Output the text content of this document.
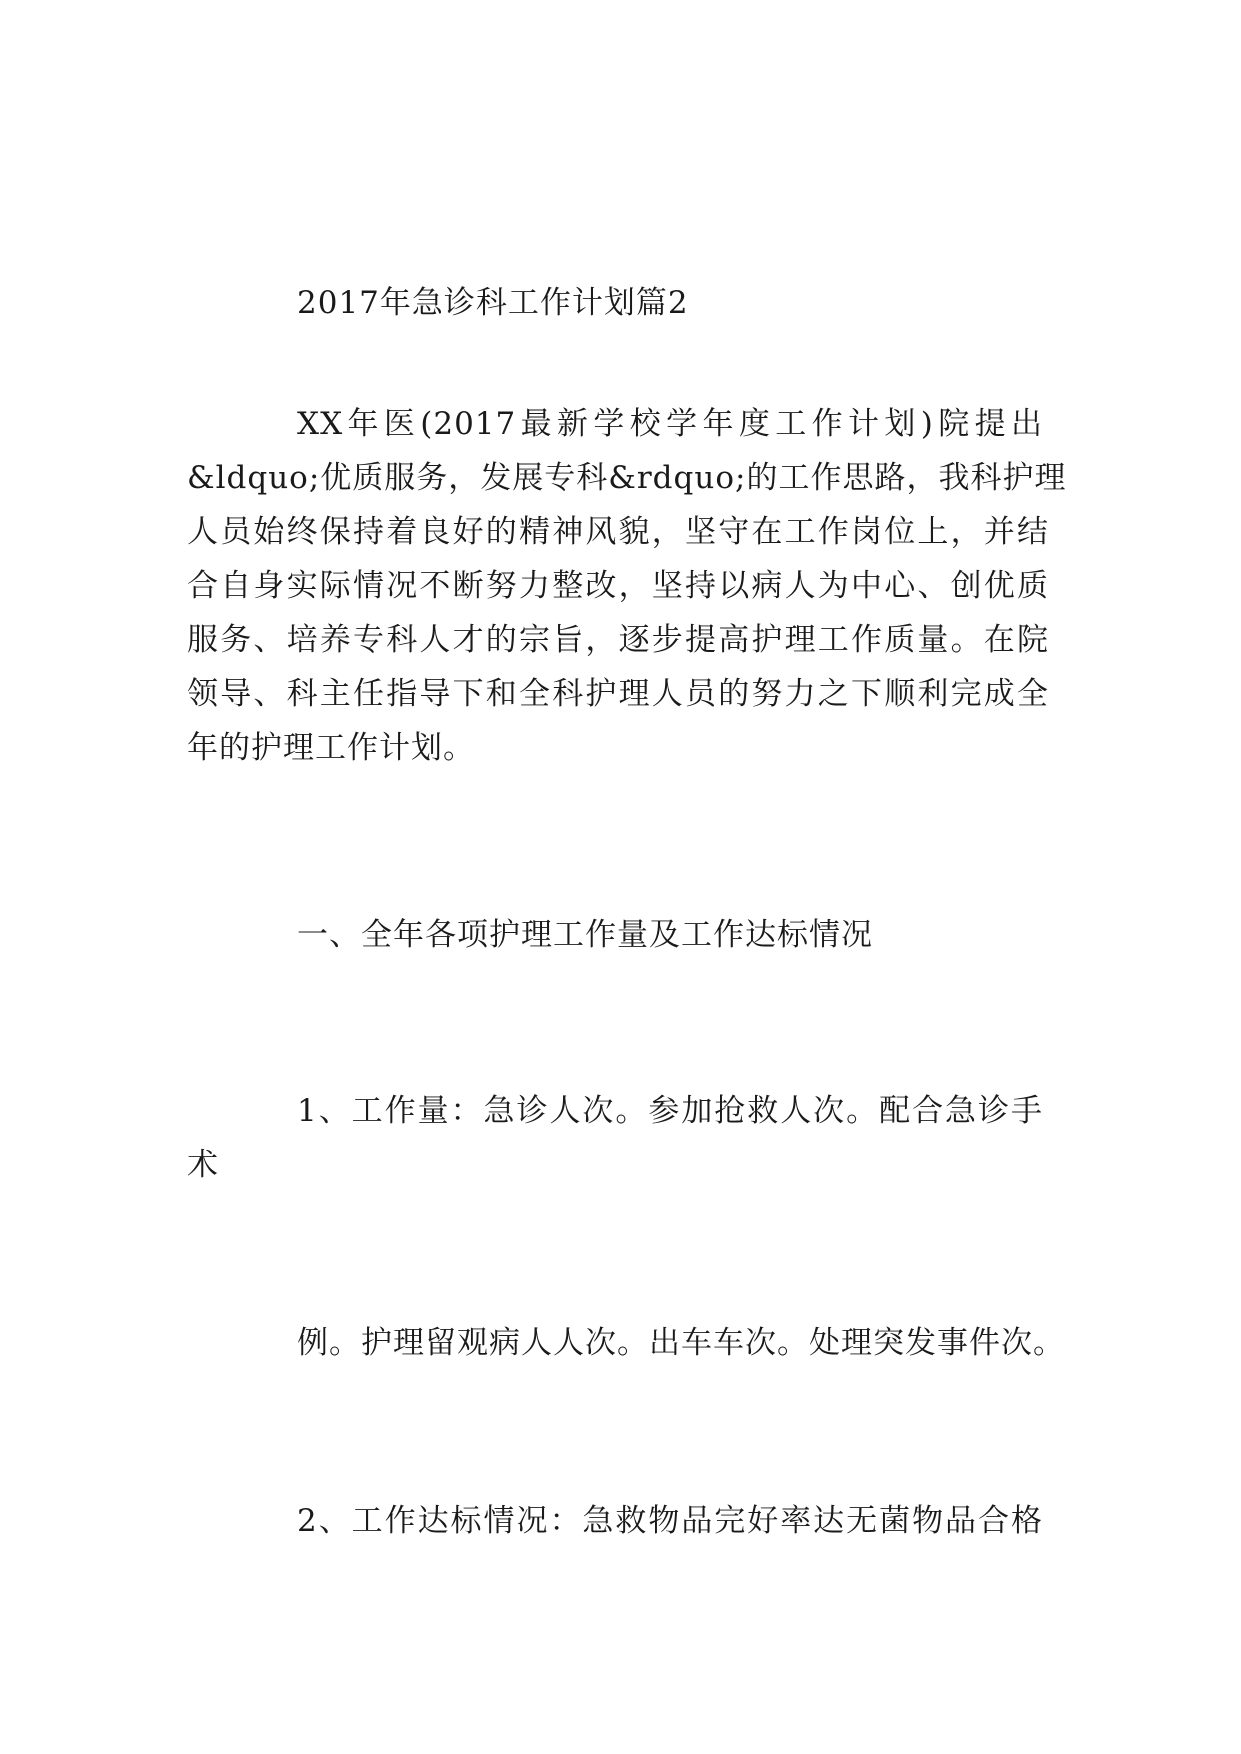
2017年急诊科工作计划篇2
XX年医(2017最新学校学年度工作计划)院提出
&ldquo;优质服务，发展专科&rdquo;的工作思路，我科护理
人员始终保持着良好的精神风貌，坚守在工作岗位上，并结
合自身实际情况不断努力整改，坚持以病人为中心、创优质
服务、培养专科人才的宗旨，逐步提高护理工作质量。在院
领导、科主任指导下和全科护理人员的努力之下顺利完成全
年的护理工作计划。
一、全年各项护理工作量及工作达标情况
1、工作量：急诊人次。参加抢救人次。配合急诊手
术
例。护理留观病人人次。出车车次。处理突发事件次。
2、工作达标情况：急救物品完好率达无菌物品合格
